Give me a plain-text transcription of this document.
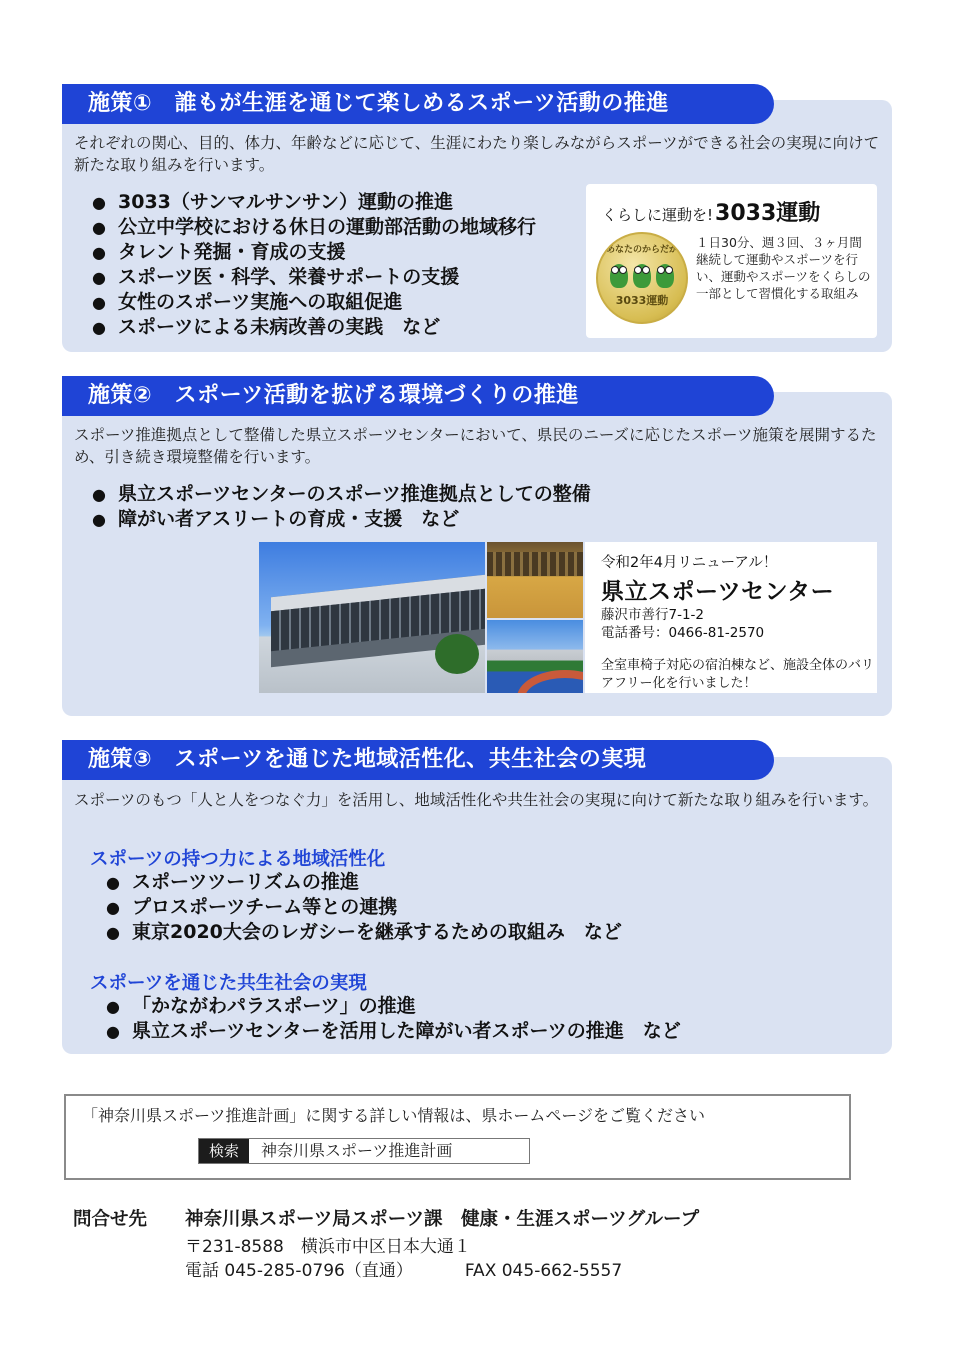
施策①　誰もが生涯を通じて楽しめるスポーツ活動の推進

それぞれの関心、目的、体力、年齢などに応じて、生涯にわたり楽しみながらスポーツができる社会の実現に向けて新たな取り組みを行います。

● 3033（サンマルサンサン）運動の推進
● 公立中学校における休日の運動部活動の地域移行
● タレント発掘・育成の支援
● スポーツ医・科学、栄養サポートの支援
● 女性のスポーツ実施への取組促進
● スポーツによる未病改善の実践　など
くらしに運動を!3033運動
あなたのからだが
3033運動

１日30分、週３回、３ヶ月間継続して運動やスポーツを行い、運動やスポーツをくらしの一部として習慣化する取組み

施策②　スポーツ活動を拡げる環境づくりの推進

スポーツ推進拠点として整備した県立スポーツセンターにおいて、県民のニーズに応じたスポーツ施策を展開するため、引き続き環境整備を行います。

● 県立スポーツセンターのスポーツ推進拠点としての整備
● 障がい者アスリートの育成・支援　など
令和2年4月リニューアル！
県立スポーツセンター
藤沢市善行7-1-2
電話番号：0466-81-2570
全室車椅子対応の宿泊棟など、施設全体のバリアフリー化を行いました！
施策③　スポーツを通じた地域活性化、共生社会の実現

スポーツのもつ「人と人をつなぐ力」を活用し、地域活性化や共生社会の実現に向けて新たな取り組みを行います。

スポーツの持つ力による地域活性化
● スポーツツーリズムの推進
● プロスポーツチーム等との連携
● 東京2020大会のレガシーを継承するための取組み　など
スポーツを通じた共生社会の実現
● 「かながわパラスポーツ」の推進
● 県立スポーツセンターを活用した障がい者スポーツの推進　など
「神奈川県スポーツ推進計画」に関する詳しい情報は、県ホームページをご覧ください
検索	神奈川県スポーツ推進計画
問合せ先 神奈川県スポーツ局スポーツ課　健康・生涯スポーツグループ
〒231-8588　横浜市中区日本大通１
電話 045-285-0796（直通）	FAX 045-662-5557
